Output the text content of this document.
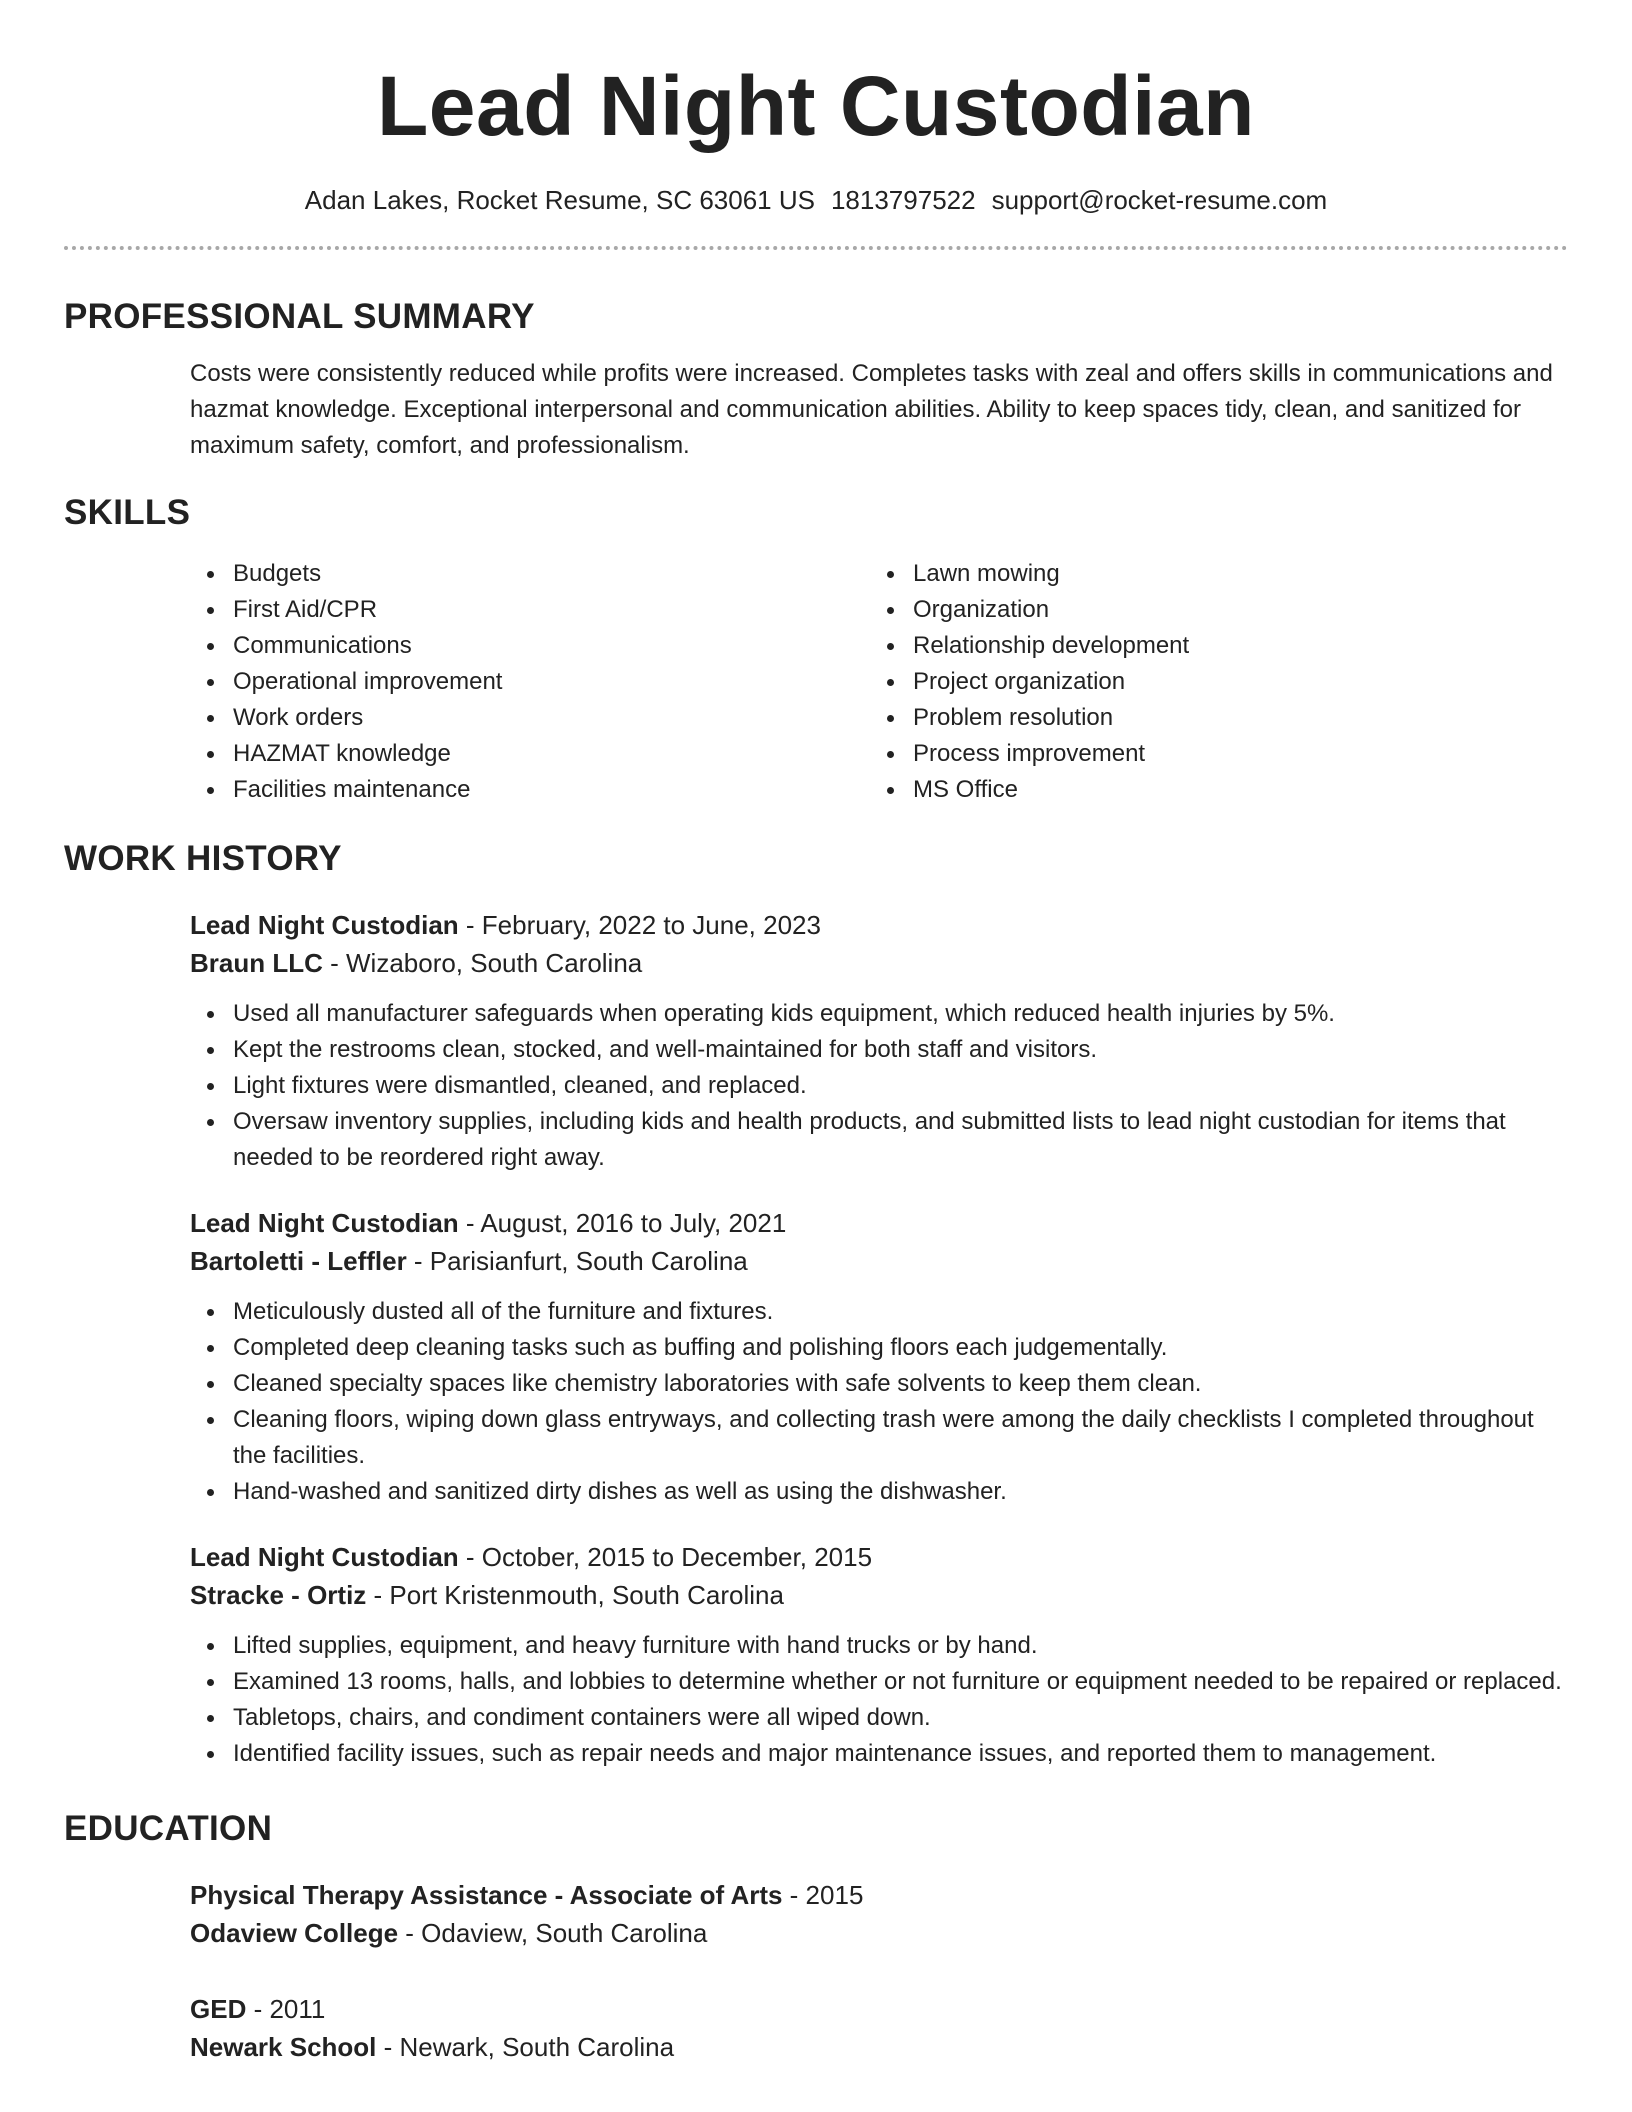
Lead Night Custodian
Adan Lakes, Rocket Resume, SC 63061 US 1813797522 support@rocket-resume.com
PROFESSIONAL SUMMARY
Costs were consistently reduced while profits were increased. Completes tasks with zeal and offers skills in communications and hazmat knowledge. Exceptional interpersonal and communication abilities. Ability to keep spaces tidy, clean, and sanitized for maximum safety, comfort, and professionalism.
SKILLS
Budgets
First Aid/CPR
Communications
Operational improvement
Work orders
HAZMAT knowledge
Facilities maintenance
Lawn mowing
Organization
Relationship development
Project organization
Problem resolution
Process improvement
MS Office
WORK HISTORY
Lead Night Custodian - February, 2022 to June, 2023
Braun LLC - Wizaboro, South Carolina
Used all manufacturer safeguards when operating kids equipment, which reduced health injuries by 5%.
Kept the restrooms clean, stocked, and well-maintained for both staff and visitors.
Light fixtures were dismantled, cleaned, and replaced.
Oversaw inventory supplies, including kids and health products, and submitted lists to lead night custodian for items that needed to be reordered right away.
Lead Night Custodian - August, 2016 to July, 2021
Bartoletti - Leffler - Parisianfurt, South Carolina
Meticulously dusted all of the furniture and fixtures.
Completed deep cleaning tasks such as buffing and polishing floors each judgementally.
Cleaned specialty spaces like chemistry laboratories with safe solvents to keep them clean.
Cleaning floors, wiping down glass entryways, and collecting trash were among the daily checklists I completed throughout the facilities.
Hand-washed and sanitized dirty dishes as well as using the dishwasher.
Lead Night Custodian - October, 2015 to December, 2015
Stracke - Ortiz - Port Kristenmouth, South Carolina
Lifted supplies, equipment, and heavy furniture with hand trucks or by hand.
Examined 13 rooms, halls, and lobbies to determine whether or not furniture or equipment needed to be repaired or replaced.
Tabletops, chairs, and condiment containers were all wiped down.
Identified facility issues, such as repair needs and major maintenance issues, and reported them to management.
EDUCATION
Physical Therapy Assistance - Associate of Arts - 2015
Odaview College - Odaview, South Carolina
GED - 2011
Newark School - Newark, South Carolina
